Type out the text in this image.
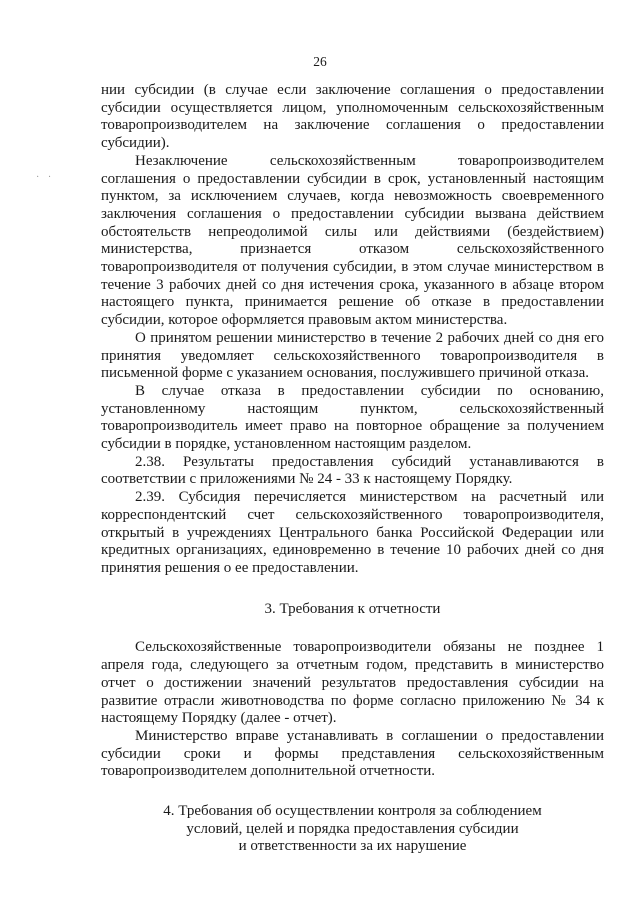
26
· ·

нии субсидии (в случае если заключение соглашения о предоставлении субсидии осуществляется лицом, уполномоченным сельскохозяйственным товаропроизводителем на заключение соглашения о предоставлении субсидии).

Незаключение сельскохозяйственным товаропроизводителем соглашения о предоставлении субсидии в срок, установленный настоящим пунктом, за исключением случаев, когда невозможность своевременного заключения соглашения о предоставлении субсидии вызвана действием обстоятельств непреодолимой силы или действиями (бездействием) министерства, признается отказом сельскохозяйственного товаропроизводителя от получения субсидии, в этом случае министерством в течение 3 рабочих дней со дня истечения срока, указанного в абзаце втором настоящего пункта, принимается решение об отказе в предоставлении субсидии, которое оформляется правовым актом министерства.

О принятом решении министерство в течение 2 рабочих дней со дня его принятия уведомляет сельскохозяйственного товаропроизводителя в письменной форме с указанием основания, послужившего причиной отказа.

В случае отказа в предоставлении субсидии по основанию, установленному настоящим пунктом, сельскохозяйственный товаропроизводитель имеет право на повторное обращение за получением субсидии в порядке, установленном настоящим разделом.

2.38. Результаты предоставления субсидий устанавливаются в соответствии с приложениями № 24 - 33 к настоящему Порядку.

2.39. Субсидия перечисляется министерством на расчетный или корреспондентский счет сельскохозяйственного товаропроизводителя, открытый в учреждениях Центрального банка Российской Федерации или кредитных организациях, единовременно в течение 10 рабочих дней со дня принятия решения о ее предоставлении.

3. Требования к отчетности

Сельскохозяйственные товаропроизводители обязаны не позднее 1 апреля года, следующего за отчетным годом, представить в министерство отчет о достижении значений результатов предоставления субсидии на развитие отрасли животноводства по форме согласно приложению № 34 к настоящему Порядку (далее - отчет).

Министерство вправе устанавливать в соглашении о предоставлении субсидии сроки и формы представления сельскохозяйственным товаропроизводителем дополнительной отчетности.

4. Требования об осуществлении контроля за соблюдением
условий, целей и порядка предоставления субсидии
и ответственности за их нарушение
